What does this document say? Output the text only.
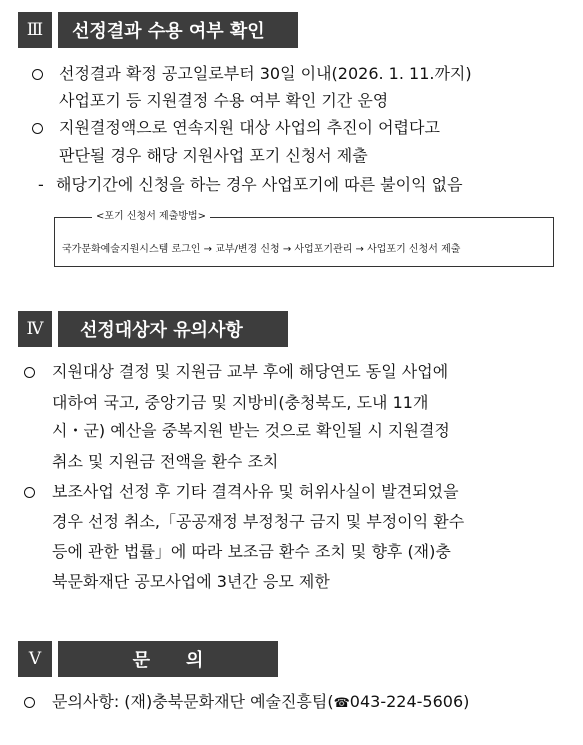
Ⅲ	선정결과 수용 여부 확인
선정결과 확정 공고일로부터 30일 이내(2026. 1. 11.까지)
사업포기 등 지원결정 수용 여부 확인 기간 운영
지원결정액으로 연속지원 대상 사업의 추진이 어렵다고
판단될 경우 해당 지원사업 포기 신청서 제출
- 해당기간에 신청을 하는 경우 사업포기에 따른 불이익 없음
<포기 신청서 제출방법>
국가문화예술지원시스템 로그인 → 교부/변경 신청 → 사업포기관리 → 사업포기 신청서 제출
Ⅳ	선정대상자 유의사항
지원대상 결정 및 지원금 교부 후에 해당연도 동일 사업에
대하여 국고, 중앙기금 및 지방비(충청북도, 도내 11개
시・군) 예산을 중복지원 받는 것으로 확인될 시 지원결정
취소 및 지원금 전액을 환수 조치
보조사업 선정 후 기타 결격사유 및 허위사실이 발견되었을
경우 선정 취소,「공공재정 부정청구 금지 및 부정이익 환수
등에 관한 법률」에 따라 보조금 환수 조치 및 향후 (재)충
북문화재단 공모사업에 3년간 응모 제한
Ⅴ	문　　의
문의사항: (재)충북문화재단 예술진흥팀(☎043-224-5606)
